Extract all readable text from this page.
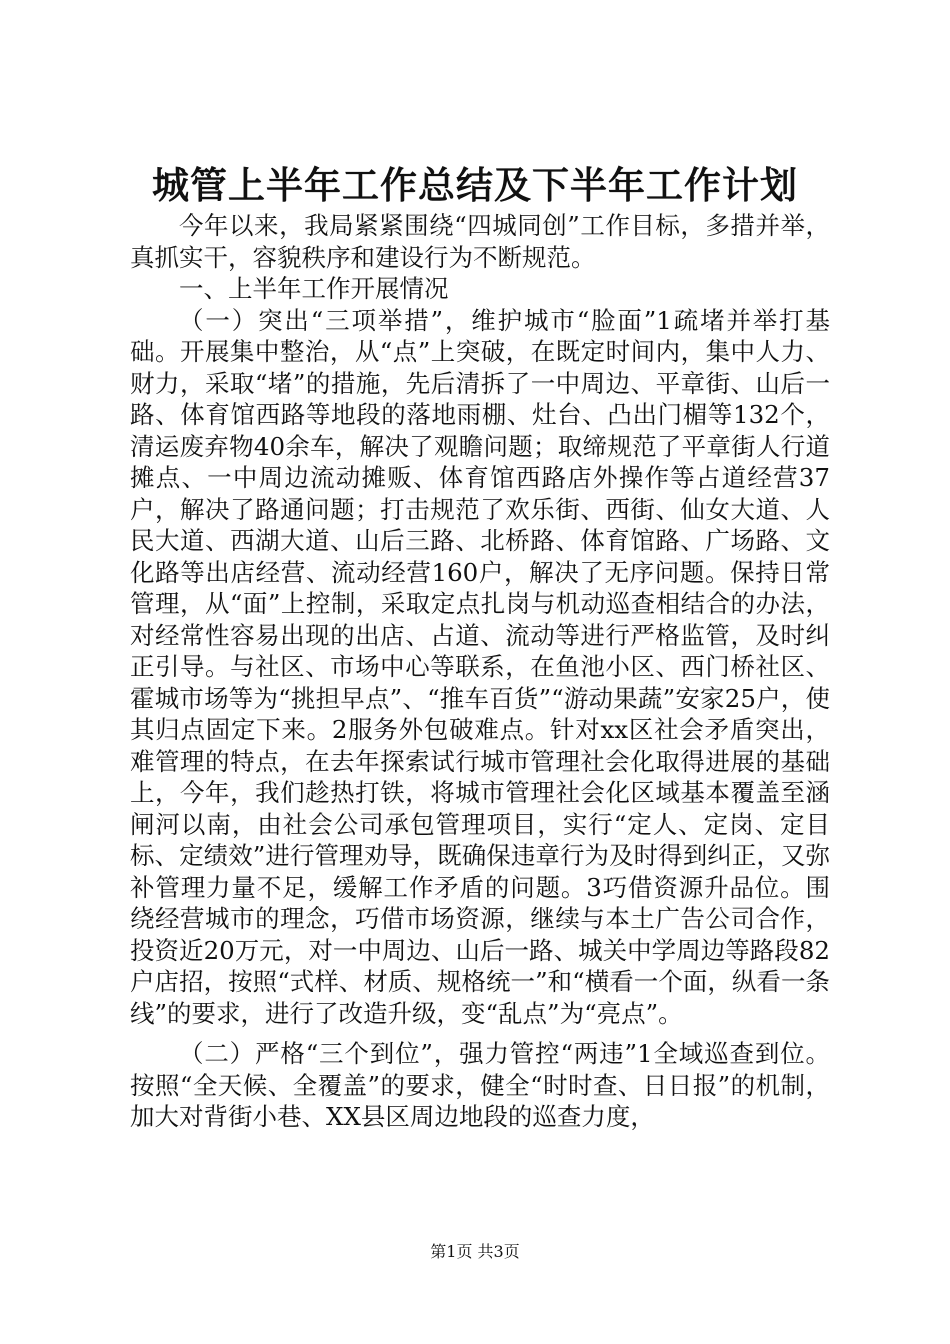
城管上半年工作总结及下半年工作计划

今年以来，我局紧紧围绕“四城同创”工作目标，多措并举，真抓实干，容貌秩序和建设行为不断规范。

一、上半年工作开展情况

（一）突出“三项举措”，维护城市“脸面”1疏堵并举打基础。开展集中整治，从“点”上突破，在既定时间内，集中人力、财力，采取“堵”的措施，先后清拆了一中周边、平章街、山后一路、体育馆西路等地段的落地雨棚、灶台、凸出门楣等132个，清运废弃物40余车，解决了观瞻问题；取缔规范了平章街人行道摊点、一中周边流动摊贩、体育馆西路店外操作等占道经营37户，解决了路通问题；打击规范了欢乐街、西街、仙女大道、人民大道、西湖大道、山后三路、北桥路、体育馆路、广场路、文化路等出店经营、流动经营160户，解决了无序问题。保持日常管理，从“面”上控制，采取定点扎岗与机动巡查相结合的办法，对经常性容易出现的出店、占道、流动等进行严格监管，及时纠正引导。与社区、市场中心等联系，在鱼池小区、西门桥社区、霍城市场等为“挑担早点”、“推车百货”“游动果蔬”安家25户，使其归点固定下来。2服务外包破难点。针对xx区社会矛盾突出，难管理的特点，在去年探索试行城市管理社会化取得进展的基础上，今年，我们趁热打铁，将城市管理社会化区域基本覆盖至涵闸河以南，由社会公司承包管理项目，实行“定人、定岗、定目标、定绩效”进行管理劝导，既确保违章行为及时得到纠正，又弥补管理力量不足，缓解工作矛盾的问题。3巧借资源升品位。围绕经营城市的理念，巧借市场资源，继续与本土广告公司合作，投资近20万元，对一中周边、山后一路、城关中学周边等路段82户店招，按照“式样、材质、规格统一”和“横看一个面，纵看一条线”的要求，进行了改造升级，变“乱点”为“亮点”。

（二）严格“三个到位”，强力管控“两违”1全域巡查到位。按照“全天候、全覆盖”的要求，健全“时时查、日日报”的机制，加大对背街小巷、XX县区周边地段的巡查力度，

第1页 共3页
